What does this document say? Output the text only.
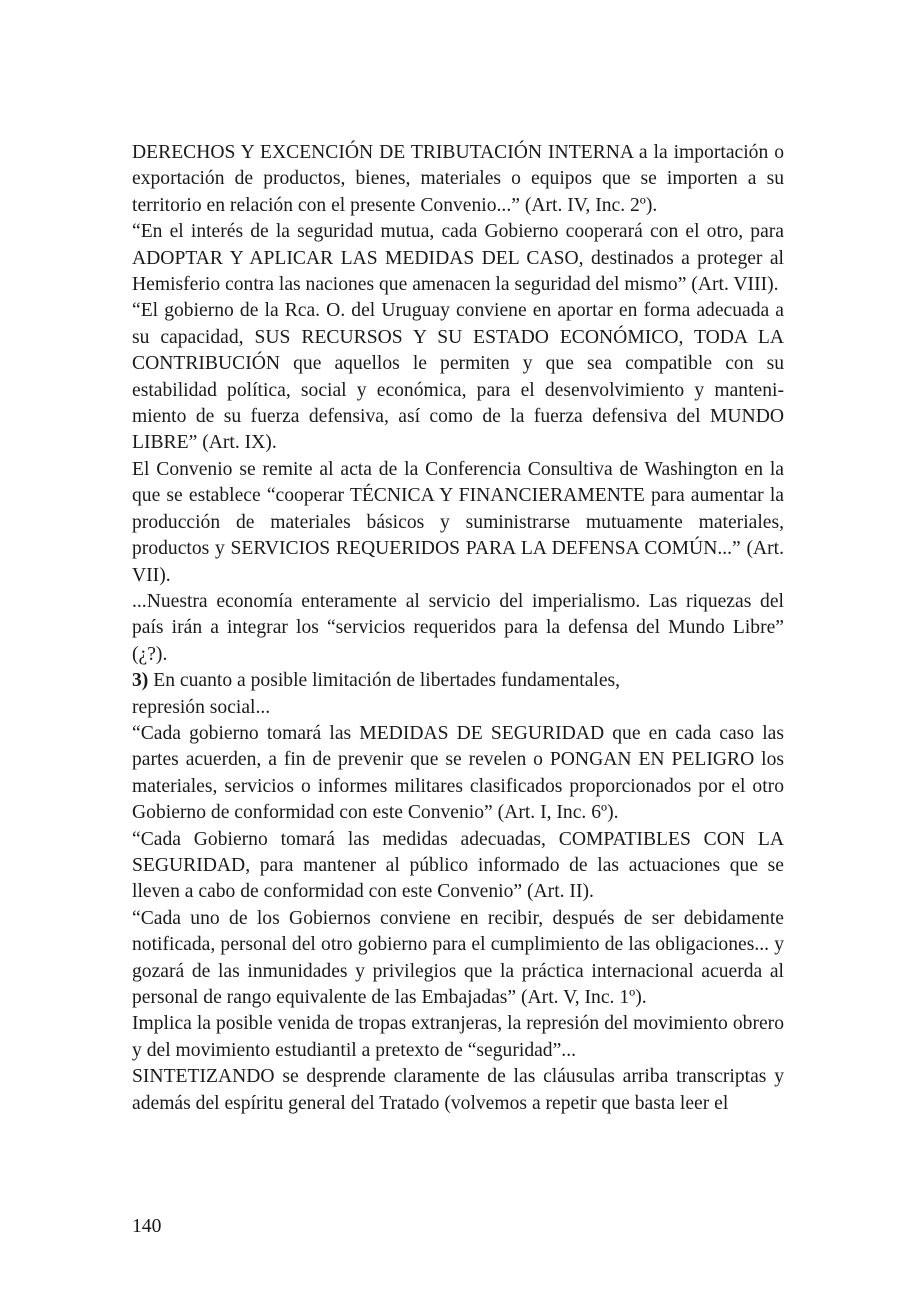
DERECHOS Y EXCENCIÓN DE TRIBUTACIÓN INTERNA a la importación o exportación de productos, bienes, materiales o equipos que se importen a su territorio en relación con el presente Convenio...” (Art. IV, Inc. 2º).

“En el interés de la seguridad mutua, cada Gobierno cooperará con el otro, para ADOPTAR Y APLICAR LAS MEDIDAS DEL CASO, destinados a proteger al Hemisferio contra las naciones que amenacen la seguridad del mismo” (Art. VIII).

“El gobierno de la Rca. O. del Uruguay conviene en aportar en forma adecuada a su capacidad, SUS RECURSOS Y SU ESTADO ECONÓMICO, TODA LA CONTRIBUCIÓN que aquellos le permiten y que sea compatible con su estabilidad política, social y económica, para el desenvolvimiento y mantenimiento de su fuerza defensiva, así como de la fuerza defensiva del MUNDO LIBRE” (Art. IX).

El Convenio se remite al acta de la Conferencia Consultiva de Washington en la que se establece “cooperar TÉCNICA Y FINANCIERAMENTE para aumentar la producción de materiales básicos y suministrarse mutuamente materiales, productos y SERVICIOS REQUERIDOS PARA LA DEFENSA COMÚN...” (Art. VII).

...Nuestra economía enteramente al servicio del imperialismo. Las riquezas del país irán a integrar los “servicios requeridos para la defensa del Mundo Libre” (¿?).

3) En cuanto a posible limitación de libertades fundamentales,
represión social...

“Cada gobierno tomará las MEDIDAS DE SEGURIDAD que en cada caso las partes acuerden, a fin de prevenir que se revelen o PONGAN EN PELIGRO los materiales, servicios o informes militares clasificados proporcionados por el otro Gobierno de conformidad con este Convenio” (Art. I, Inc. 6º).

“Cada Gobierno tomará las medidas adecuadas, COMPATIBLES CON LA SEGURIDAD, para mantener al público informado de las actuaciones que se lleven a cabo de conformidad con este Convenio” (Art. II).

“Cada uno de los Gobiernos conviene en recibir, después de ser debidamente notificada, personal del otro gobierno para el cumplimiento de las obligaciones... y gozará de las inmunidades y privilegios que la práctica internacional acuerda al personal de rango equivalente de las Embajadas” (Art. V, Inc. 1º).

Implica la posible venida de tropas extranjeras, la represión del movimiento obrero y del movimiento estudiantil a pretexto de “seguridad”...

SINTETIZANDO se desprende claramente de las cláusulas arriba transcriptas y además del espíritu general del Tratado (volvemos a repetir que basta leer el

140
